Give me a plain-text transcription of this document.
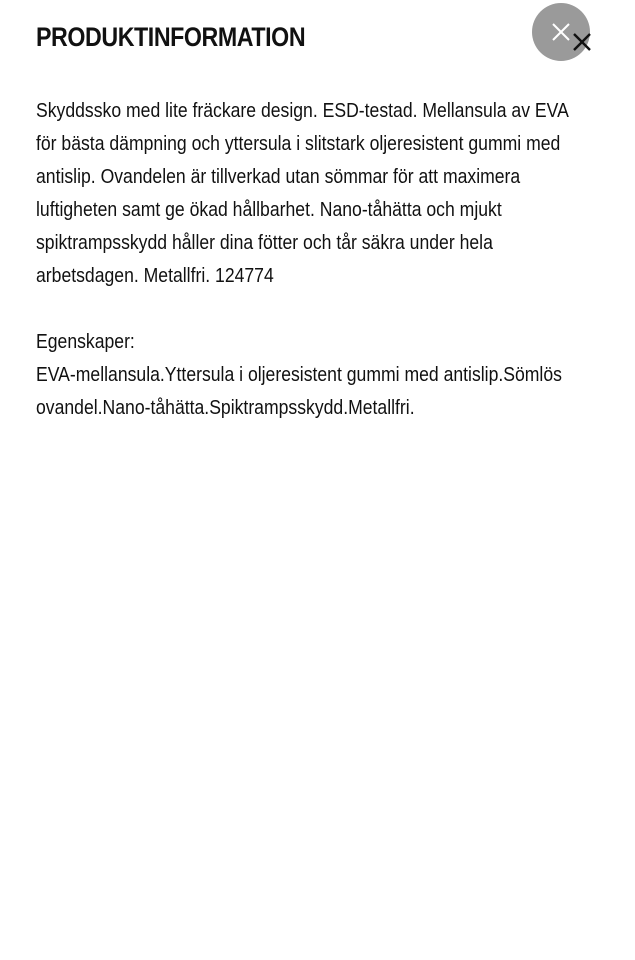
PRODUKTINFORMATION

Skyddssko med lite fräckare design. ESD-testad. Mellansula av EVA

för bästa dämpning och yttersula i slitstark oljeresistent gummi med

antislip. Ovandelen är tillverkad utan sömmar för att maximera

luftigheten samt ge ökad hållbarhet. Nano-tåhätta och mjukt

spiktrampsskydd håller dina fötter och tår säkra under hela

arbetsdagen. Metallfri. 124774

Egenskaper:

EVA-mellansula.Yttersula i oljeresistent gummi med antislip.Sömlös

ovandel.Nano-tåhätta.Spiktrampsskydd.Metallfri.
